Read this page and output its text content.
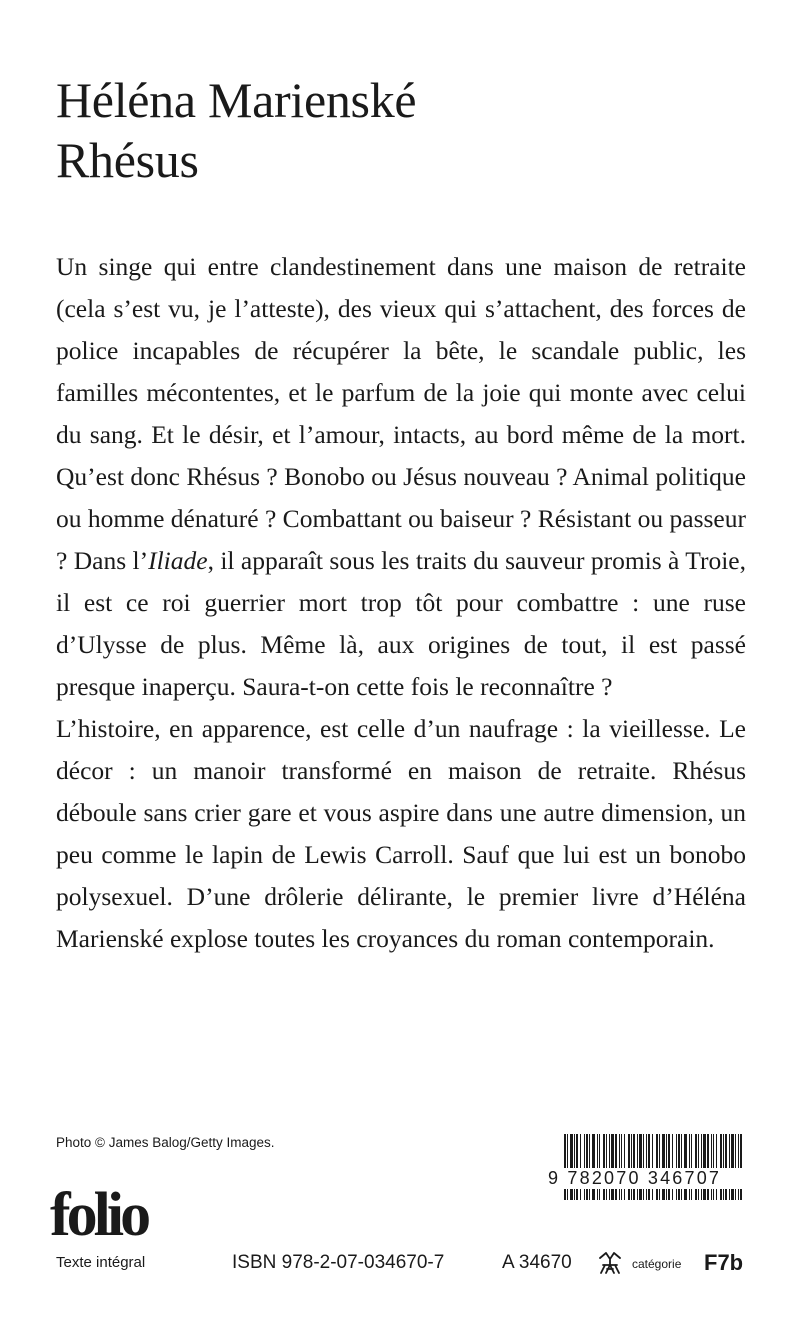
Héléna Marienské
Rhésus

Un singe qui entre clandestinement dans une maison de retraite (cela s’est vu, je l’atteste), des vieux qui s’attachent, des forces de police incapables de récupérer la bête, le scandale public, les familles mécontentes, et le parfum de la joie qui monte avec celui du sang. Et le désir, et l’amour, intacts, au bord même de la mort. Qu’est donc Rhésus ? Bonobo ou Jésus nouveau ? Animal politique ou homme dénaturé ? Combattant ou baiseur ? Résistant ou passeur ? Dans l’Iliade, il apparaît sous les traits du sauveur promis à Troie, il est ce roi guerrier mort trop tôt pour combattre : une ruse d’Ulysse de plus. Même là, aux origines de tout, il est passé presque inaperçu. Saura-t-on cette fois le reconnaître ?

L’histoire, en apparence, est celle d’un naufrage : la vieillesse. Le décor : un manoir transformé en maison de retraite. Rhésus déboule sans crier gare et vous aspire dans une autre dimension, un peu comme le lapin de Lewis Carroll. Sauf que lui est un bonobo polysexuel. D’une drôlerie délirante, le premier livre d’Héléna Marienské explose toutes les croyances du roman contemporain.

Photo © James Balog/Getty Images.
9 782070 346707
folio
Texte intégral	ISBN 978-2-07-034670-7	A 34670	catégorie F7b
